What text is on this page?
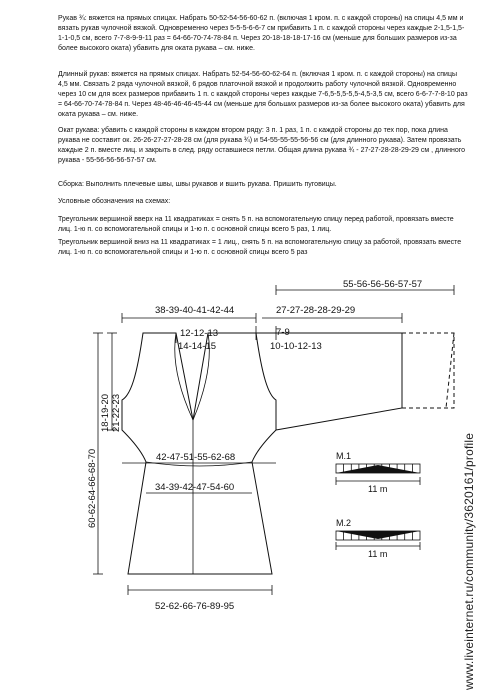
Рукав ¾: вяжется на прямых спицах. Набрать 50-52-54-56-60-62 п. (включая 1 кром. п. с каждой стороны) на спицы 4,5 мм и вязать рукав чулочной вязкой. Одновременно через 5-5-5-6-6-7 см прибавить 1 п. с каждой стороны через каждые 2-1,5-1,5-1-1-0,5 см, всего 7-7-8-9-9-11 раз = 64-66-70-74-78-84 п. Через 20-18-18-18-17-16 см (меньше для больших размеров из-за более высокого оката) убавить для оката рукава – см. ниже.
Длинный рукав: вяжется на прямых спицах. Набрать 52-54-56-60-62-64 п. (включая 1 кром. п. с каждой стороны) на спицы 4,5 мм. Связать 2 ряда чулочной вязкой, 6 рядов платочной вязкой и продолжить работу чулочной вязкой. Одновременно через 10 см для всех размеров прибавить 1 п. с каждой стороны через каждые 7-6,5-5,5-5,5-4,5-3,5 см, всего 6-6-7-7-8-10 раз = 64-66-70-74-78-84 п. Через 48-46-46-46-45-44 см (меньше для больших размеров из-за более высокого оката) убавить для оката рукава – см. ниже.
Окат рукава: убавить с каждой стороны в каждом втором ряду: 3 п. 1 раз, 1 п. с каждой стороны до тех пор, пока длина рукава не составит ок. 26-26-27-27-28-28 см (для рукава ¾) и 54-55-55-55-56-56 см (для длинного рукава). Затем провязать каждые 2 п. вместе лиц. и закрыть в след. ряду оставшиеся петли. Общая длина рукава ¾ - 27-27-28-28-29-29 см , длинного рукава - 55-56-56-56-57-57 см.
Сборка: Выполнить плечевые швы, швы рукавов и вшить рукава. Пришить пуговицы.
Условные обозначения на схемах:
Треугольник вершиной вверх на 11 квадратиках = снять 5 п. на вспомогательную спицу перед работой, провязать вместе лиц. 1-ю п. со вспомогательной спицы и 1-ю п. с основной спицы всего 5 раз, 1 лиц.
Треугольник вершиной вниз на 11 квадратиках = 1 лиц., снять 5 п. на вспомогательную спицу за работой, провязать вместе лиц. 1-ю п. со вспомогательной спицы и 1-ю п. с основной спицы всего 5 раз
55-56-56-56-57-57
38-39-40-41-42-44	27-27-28-28-29-29
12-12-13
14-14-15
7-9
10-10-12-13
18-19-20 21-22-23
60-62-64-66-68-70	42-47-51-55-62-68
34-39-42-47-54-60
52-62-66-76-89-95
M.1
11 m
M.2
11 m	www.liveinternet.ru/community/3620161/profile
